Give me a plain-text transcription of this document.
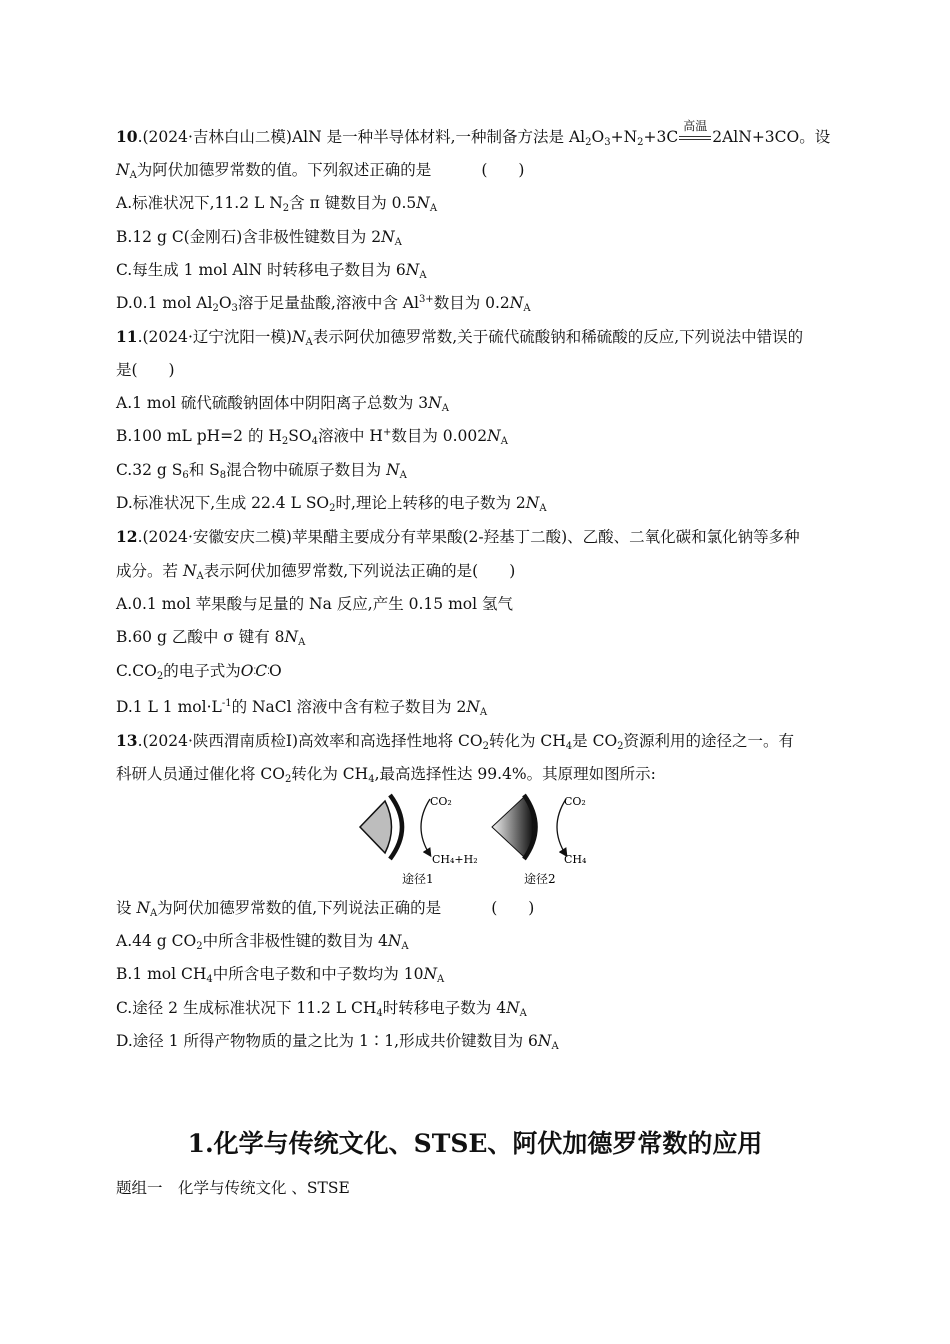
10.(2024·吉林白山二模)AlN 是一种半导体材料,一种制备方法是 $Al_2O_3+N_2+3C$
高温
2AlN+3CO。设
$N_A$为阿伏加德罗常数的值。下列叙述正确的是	(　　)
A.标准状况下,11.2 L $N_2$含 π 键数目为 $0.5N_A$
B.12 g C(金刚石)含非极性键数目为 $2N_A$
C.每生成 1 mol AlN 时转移电子数目为 $6N_A$
D.0.1 mol $Al_2O_3$溶于足量盐酸,溶液中含 $Al^{3+}$数目为 $0.2N_A$
11.(2024·辽宁沈阳一模)$N_A$表示阿伏加德罗常数,关于硫代硫酸钠和稀硫酸的反应,下列说法中错误的
是(　　)
A.1 mol 硫代硫酸钠固体中阴阳离子总数为 $3N_A$
B.100 mL pH=2 的 $H_2SO_4$溶液中 H+数目为 $0.002N_A$
C.32 g $S_6$和 $S_8$混合物中硫原子数目为 $N_A$
D.标准状况下,生成 22.4 L $SO_2$时,理论上转移的电子数为 $2N_A$
12.(2024·安徽安庆二模)苹果醋主要成分有苹果酸(2-羟基丁二酸)、乙酸、二氧化碳和氯化钠等多种
成分。若 $N_A$表示阿伏加德罗常数,下列说法正确的是(　　)
A.0.1 mol 苹果酸与足量的 Na 反应,产生 0.15 mol 氢气
B.60 g 乙酸中 σ 键有 $8N_A$
$C.CO_2$的电子式为O⁚C⁚O
D.1 L 1 $mol\cdot L^{-1}$的 NaCl 溶液中含有粒子数目为 $2N_A$
13.(2024·陕西渭南质检Ⅰ)高效率和高选择性地将 $CO_2$转化为 $CH_4$是 $CO_2$资源利用的途径之一。有
科研人员通过催化将 $CO_2$转化为 $CH_4$,最高选择性达 99.4%。其原理如图所示:
CO₂
CH₄+H₂
途径1
CO₂
CH₄
途径2
设 $N_A$为阿伏加德罗常数的值,下列说法正确的是	(　　)
A.44 g $CO_2$中所含非极性键的数目为 $4N_A$
B.1 mol $CH_4$中所含电子数和中子数均为 $10N_A$
C.途径 2 生成标准状况下 11.2 L $CH_4$时转移电子数为 $4N_A$
D.途径 1 所得产物物质的量之比为 1∶1,形成共价键数目为 $6N_A$
1.化学与传统文化、STSE、阿伏加德罗常数的应用
题组一　化学与传统文化 、STSE
